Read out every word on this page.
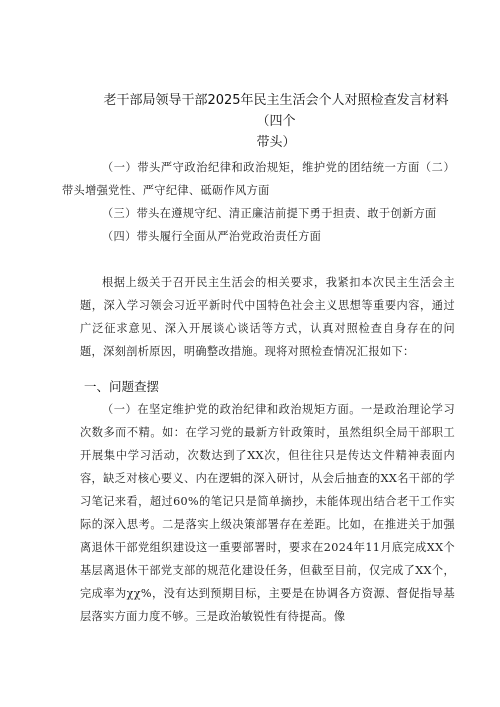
老干部局领导干部2025年民主生活会个人对照检查发言材料（四个
带头）

（一）带头严守政治纪律和政治规矩，维护党的团结统一方面（二）带头增强党性、严守纪律、砥砺作风方面

（三）带头在遵规守纪、清正廉洁前提下勇于担责、敢于创新方面

（四）带头履行全面从严治党政治责任方面

根据上级关于召开民主生活会的相关要求，我紧扣本次民主生活会主题，深入学习领会习近平新时代中国特色社会主义思想等重要内容，通过广泛征求意见、深入开展谈心谈话等方式，认真对照检查自身存在的问题，深刻剖析原因，明确整改措施。现将对照检查情况汇报如下：

一、问题查摆

（一）在坚定维护党的政治纪律和政治规矩方面。一是政治理论学习次数多而不精。如：在学习党的最新方针政策时，虽然组织全局干部职工开展集中学习活动，次数达到了XX次，但往往只是传达文件精神表面内容，缺乏对核心要义、内在逻辑的深入研讨，从会后抽查的XX名干部的学习笔记来看，超过60%的笔记只是简单摘抄，未能体现出结合老干工作实际的深入思考。二是落实上级决策部署存在差距。比如，在推进关于加强离退休干部党组织建设这一重要部署时，要求在2024年11月底完成XX个基层离退休干部党支部的规范化建设任务，但截至目前，仅完成了XX个，完成率为χχ%，没有达到预期目标，主要是在协调各方资源、督促指导基层落实方面力度不够。三是政治敏锐性有待提高。像
